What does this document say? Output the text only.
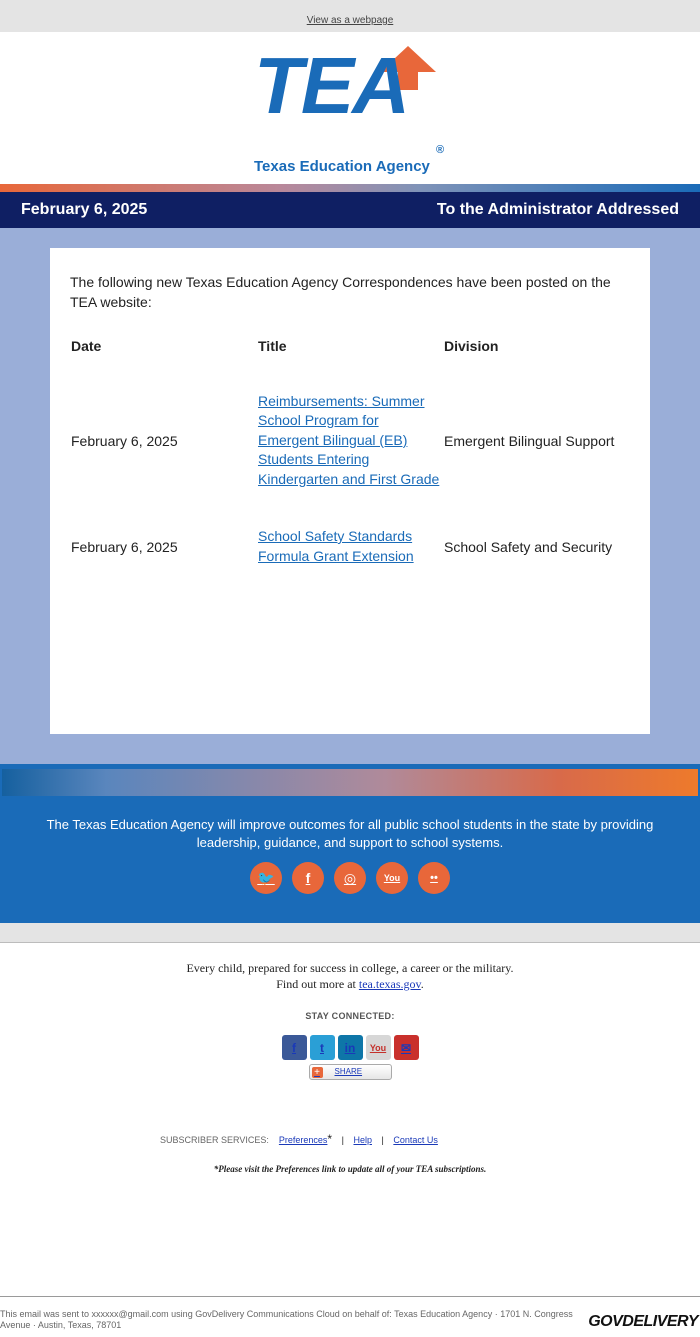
View as a webpage
TEA
®
Texas Education Agency
February 6, 2025	To the Administrator Addressed

The following new Texas Education Agency Correspondences have been posted on the TEA website:

Date	Title	Division
February 6, 2025	Reimbursements: Summer School Program for Emergent Bilingual (EB) Students Entering Kindergarten and First Grade	Emergent Bilingual Support
February 6, 2025	School Safety Standards Formula Grant Extension	School Safety and Security

The Texas Education Agency will improve outcomes for all public school students in the state by providing leadership, guidance, and support to school systems.

🐦	f	◎	You	••
Every child, prepared for success in college, a career or the military.
Find out more at tea.texas.gov.
STAY CONNECTED:
f	t	in	You	✉
+	SHARE
SUBSCRIBER SERVICES: Preferences* | Help | Contact Us
*Please visit the Preferences link to update all of your TEA subscriptions.
This email was sent to xxxxxx@gmail.com using GovDelivery Communications Cloud on behalf of: Texas Education Agency · 1701 N. Congress Avenue · Austin, Texas, 78701	GOVDELIVERY
